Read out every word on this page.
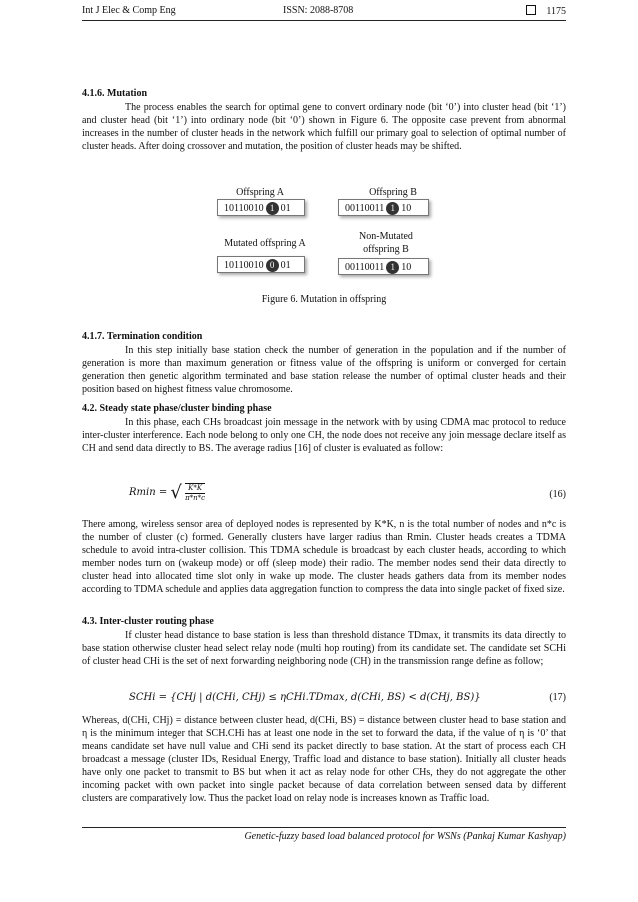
Int J Elec & Comp Eng	ISSN: 2088-8708	1175
4.1.6. Mutation

The process enables the search for optimal gene to convert ordinary node (bit ‘0’) into cluster head (bit ‘1’) and cluster head (bit ‘1’) into ordinary node (bit ‘0’) shown in Figure 6. The opposite case prevent from abnormal increases in the number of cluster heads in the network which fulfill our primary goal to selection of optimal number of cluster heads. After doing crossover and mutation, the position of cluster heads may be shifted.

Offspring A	Offspring B
10110010 1 01	00110011 1 10
Mutated offspring A
Non-Mutated offspring B
10110010 0 01	00110011 1 10
Figure 6. Mutation in offspring
4.1.7. Termination condition

In this step initially base station check the number of generation in the population and if the number of generation is more than maximum generation or fitness value of the offspring is uniform or converged for certain generation then genetic algorithm terminated and base station release the number of optimal cluster heads and their position based on highest fitness value chromosome.

4.2. Steady state phase/cluster binding phase

In this phase, each CHs broadcast join message in the network with by using CDMA mac protocol to reduce inter-cluster interference. Each node belong to only one CH, the node does not receive any join message declare itself as CH and send data directly to BS. The average radius [16] of cluster is evaluated as follow:

Rmin = √ $\frac{K*K}{\pi*n*c}$	(16)

There among, wireless sensor area of deployed nodes is represented by K*K, n is the total number of nodes and n*c is the number of cluster (c) formed. Generally clusters have larger radius than Rmin. Cluster heads creates a TDMA schedule to avoid intra-cluster collision. This TDMA schedule is broadcast by each cluster heads, according to which member nodes turn on (wakeup mode) or off (sleep mode) their radio. The member nodes send their data directly to cluster head into allocated time slot only in wake up mode. The cluster heads gathers data from its member nodes according to TDMA schedule and applies data aggregation function to compress the data into single packet of fixed size.

4.3. Inter-cluster routing phase

If cluster head distance to base station is less than threshold distance TDmax, it transmits its data directly to base station otherwise cluster head select relay node (multi hop routing) from its candidate set. The candidate set SCHi of cluster head CHi is the set of next forwarding neighboring node (CH) in the transmission range define as follow;

SCHi = {CHj | d(CHi, CHj) ≤ ηCHi.TDmax, d(CHi, BS) < d(CHj, BS)}	(17)

Whereas, d(CHi, CHj) = distance between cluster head, d(CHi, BS) = distance between cluster head to base station and η is the minimum integer that SCH.CHi has at least one node in the set to forward the data, if the value of η is ‘0’ that means candidate set have null value and CHi send its packet directly to base station. At the start of process each CH broadcast a message (cluster IDs, Residual Energy, Traffic load and distance to base station). Initially all cluster heads have only one packet to transmit to BS but when it act as relay node for other CHs, they do not aggregate the other incoming packet with own packet into single packet because of data correlation between sensed data by different clusters are comparatively low. Thus the packet load on relay node is increases known as Traffic load.

Genetic-fuzzy based load balanced protocol for WSNs (Pankaj Kumar Kashyap)
